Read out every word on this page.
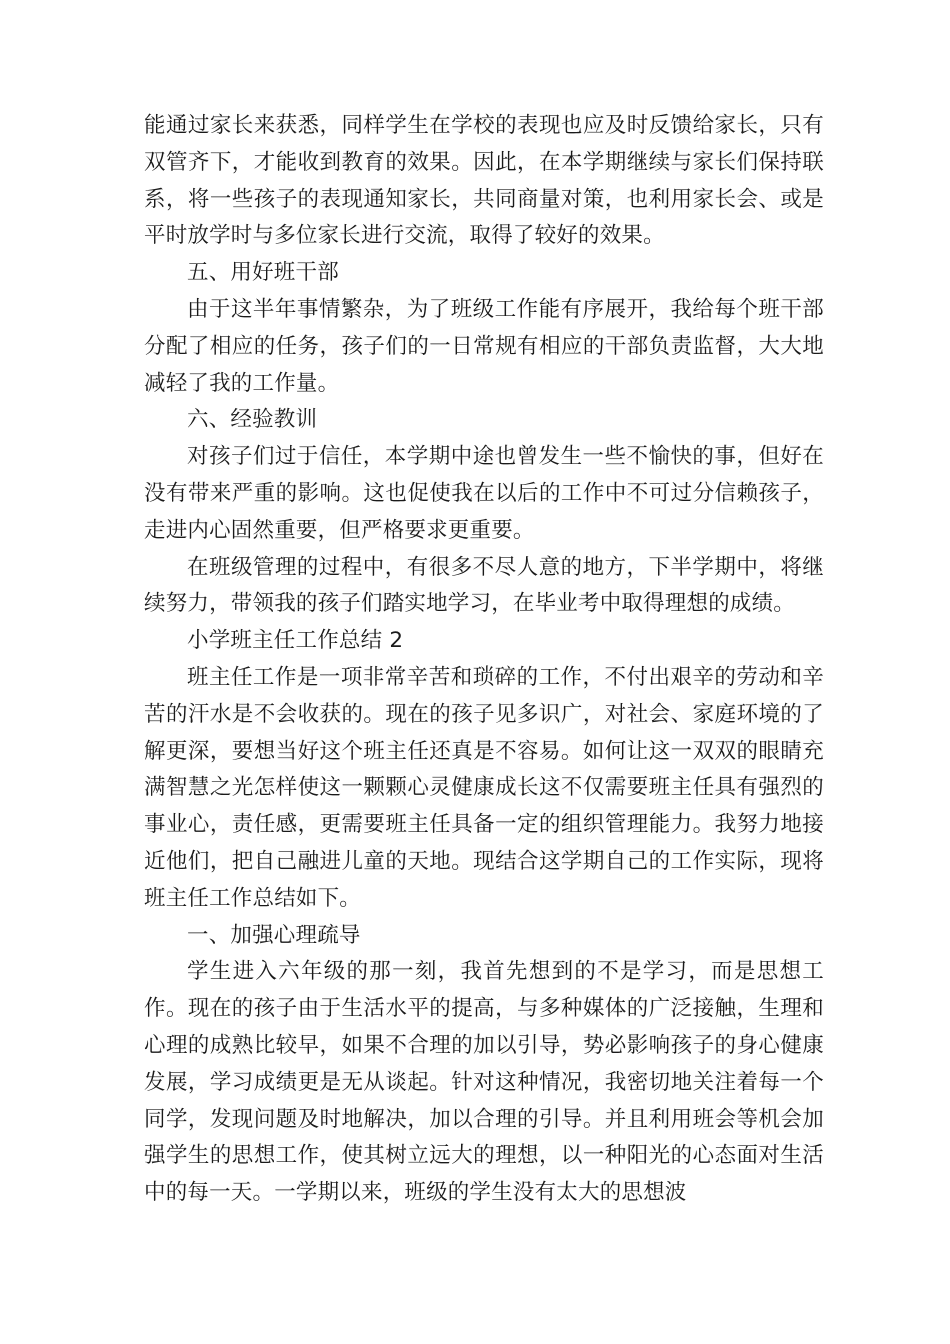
能通过家长来获悉，同样学生在学校的表现也应及时反馈给家长，只有双管齐下，才能收到教育的效果。因此，在本学期继续与家长们保持联系，将一些孩子的表现通知家长，共同商量对策，也利用家长会、或是平时放学时与多位家长进行交流，取得了较好的效果。

五、用好班干部

由于这半年事情繁杂，为了班级工作能有序展开，我给每个班干部分配了相应的任务，孩子们的一日常规有相应的干部负责监督，大大地减轻了我的工作量。

六、经验教训

对孩子们过于信任，本学期中途也曾发生一些不愉快的事，但好在没有带来严重的影响。这也促使我在以后的工作中不可过分信赖孩子，走进内心固然重要，但严格要求更重要。

在班级管理的过程中，有很多不尽人意的地方，下半学期中，将继续努力，带领我的孩子们踏实地学习，在毕业考中取得理想的成绩。

小学班主任工作总结 2

班主任工作是一项非常辛苦和琐碎的工作，不付出艰辛的劳动和辛苦的汗水是不会收获的。现在的孩子见多识广，对社会、家庭环境的了解更深，要想当好这个班主任还真是不容易。如何让这一双双的眼睛充满智慧之光怎样使这一颗颗心灵健康成长这不仅需要班主任具有强烈的事业心，责任感，更需要班主任具备一定的组织管理能力。我努力地接近他们，把自己融进儿童的天地。现结合这学期自己的工作实际，现将班主任工作总结如下。

一、加强心理疏导

学生进入六年级的那一刻，我首先想到的不是学习，而是思想工作。现在的孩子由于生活水平的提高，与多种媒体的广泛接触，生理和心理的成熟比较早，如果不合理的加以引导，势必影响孩子的身心健康发展，学习成绩更是无从谈起。针对这种情况，我密切地关注着每一个同学，发现问题及时地解决，加以合理的引导。并且利用班会等机会加强学生的思想工作，使其树立远大的理想，以一种阳光的心态面对生活中的每一天。一学期以来，班级的学生没有太大的思想波
